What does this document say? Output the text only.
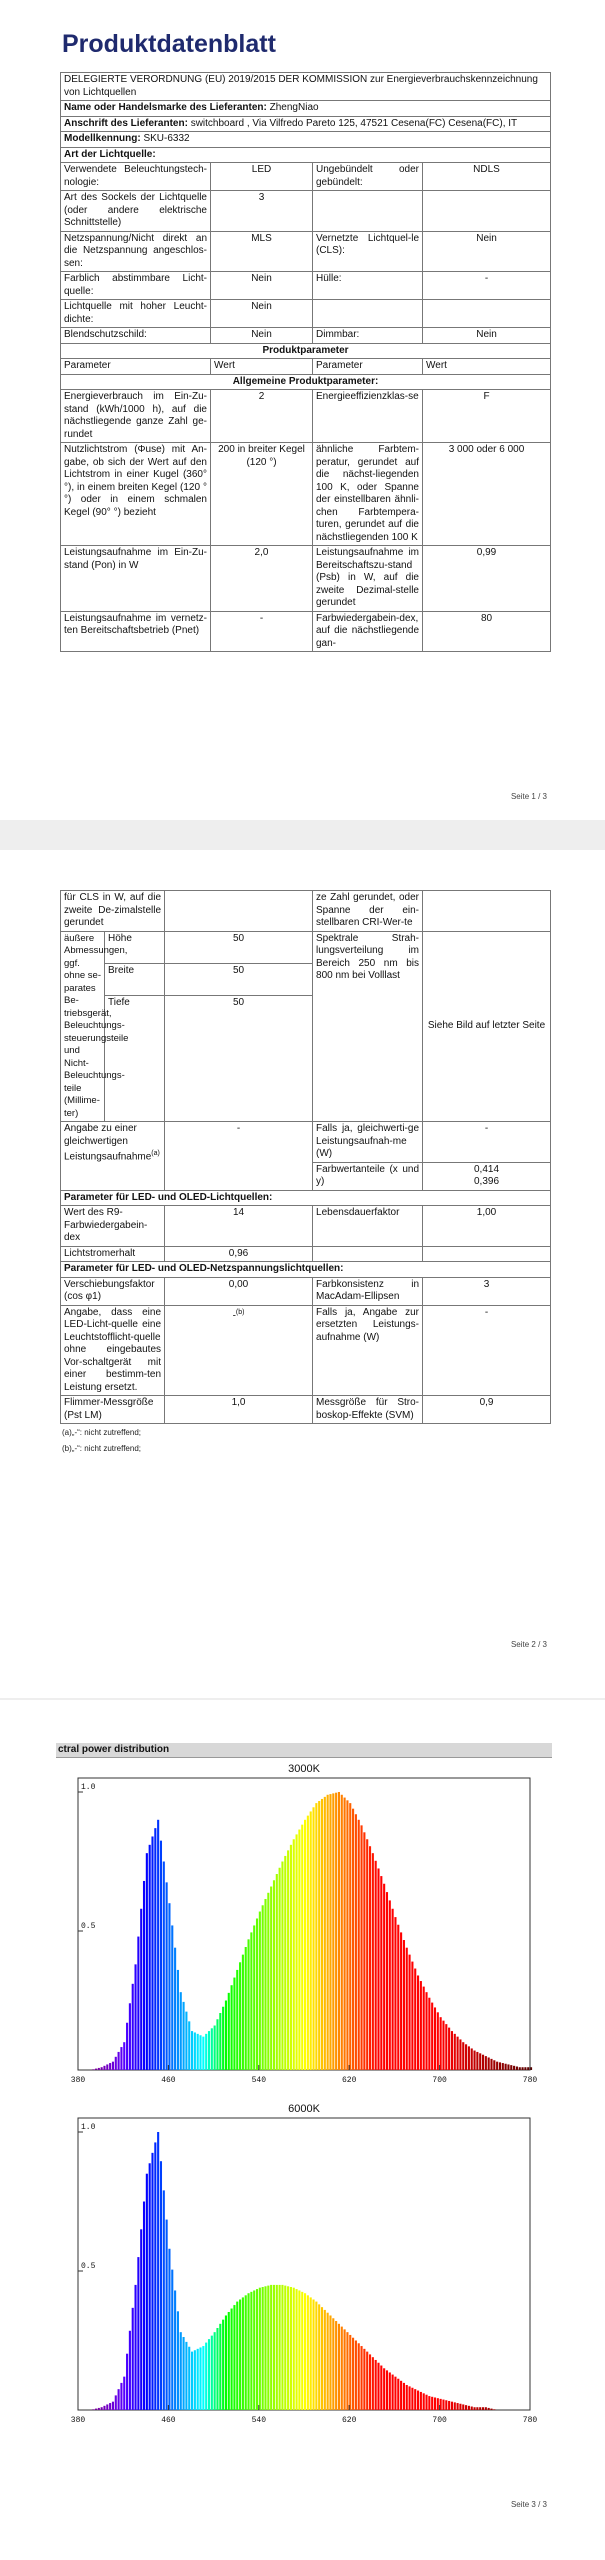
Produktdatenblatt
DELEGIERTE VERORDNUNG (EU) 2019/2015 DER KOMMISSION zur Energieverbrauchskennzeichnung von Lichtquellen			
Name oder Handelsmarke des Lieferanten: ZhengNiao			
Anschrift des Lieferanten: switchboard , Via Vilfredo Pareto 125, 47521 Cesena(FC) Cesena(FC), IT			
Modellkennung: SKU-6332			
Art der Lichtquelle:			
Verwendete Beleuchtungstech-nologie:	LED	Ungebündelt oder gebündelt:	NDLS
Art des Sockels der Lichtquelle (oder andere elektrische Schnittstelle)	3		
Netzspannung/Nicht direkt an die Netzspannung angeschlos-sen:	MLS	Vernetzte Lichtquel-le (CLS):	Nein
Farblich abstimmbare Licht-quelle:	Nein	Hülle:	-
Lichtquelle mit hoher Leucht-dichte:	Nein		
Blendschutzschild:	Nein	Dimmbar:	Nein
Produktparameter			
Parameter	Wert	Parameter	Wert
Allgemeine Produktparameter:			
Energieverbrauch im Ein-Zu-stand (kWh/1000 h), auf die nächstliegende ganze Zahl ge-rundet	2	Energieeffizienzklas-se	F
Nutzlichtstrom (Φuse) mit An-gabe, ob sich der Wert auf den Lichtstrom in einer Kugel (360° °), in einem breiten Kegel (120 °°) oder in einem schmalen Kegel (90° °) bezieht	200 in breiter Kegel (120 °)	ähnliche Farbtem-peratur, gerundet auf die nächst-liegenden 100 K, oder Spanne der einstellbaren ähnli-chen Farbtempera-turen, gerundet auf die nächstliegenden 100 K	3 000 oder 6 000
Leistungsaufnahme im Ein-Zu-stand (Pon) in W	2,0	Leistungsaufnahme im Bereitschaftszu-stand (Psb) in W, auf die zweite Dezimal-stelle gerundet	0,99
Leistungsaufnahme im vernetz-ten Bereitschaftsbetrieb (Pnet)	-	Farbwiedergabein-dex, auf die nächstliegende gan-	80
Seite 1 / 3
für CLS in W, auf die zweite De-zimalstelle gerundet			ze Zahl gerundet, oder Spanne der ein-stellbaren CRI-Wer-te	
äußere Abmessungen, ggf. ohne se-parates Be-triebsgerät, Beleuchtungs-steuerungsteile und Nicht-Beleuchtungs-teile (Millime-ter)	Höhe	50	Spektrale Strah-lungsverteilung im Bereich 250 nm bis 800 nm bei Volllast	Siehe Bild auf letzter Seite
	Breite	50		
	Tiefe	50		
Angabe zu einer gleichwertigen Leistungsaufnahme$^{(a)}$		-	Falls ja, gleichwerti-ge Leistungsaufnah-me (W)	-
			Farbwertanteile (x und y)	0,414
0,396

Parameter für LED- und OLED-Lichtquellen:				
Wert des R9-Farbwiedergabein-dex		14	Lebensdauerfaktor	1,00
Lichtstromerhalt		0,96		
Parameter für LED- und OLED-Netzspannungslichtquellen:				
Verschiebungsfaktor (cos φ1)		0,00	Farbkonsistenz in MacAdam-Ellipsen	3
Angabe, dass eine LED-Licht-quelle eine Leuchtstofflicht-quelle ohne eingebautes Vor-schaltgerät mit einer bestimm-ten Leistung ersetzt.		-$^{(b)}$	Falls ja, Angabe zur ersetzten Leistungs-aufnahme (W)	-
Flimmer-Messgröße (Pst LM)		1,0	Messgröße für Stro-boskop-Effekte (SVM)	0,9
(a)„-“: nicht zutreffend;
(b)„-“: nicht zutreffend;
Seite 2 / 3
ctral power distribution
3000K
1.0
0.5
380	460	540	620	700	780
6000K
1.0
0.5
380	460	540	620	700	780
Seite 3 / 3
